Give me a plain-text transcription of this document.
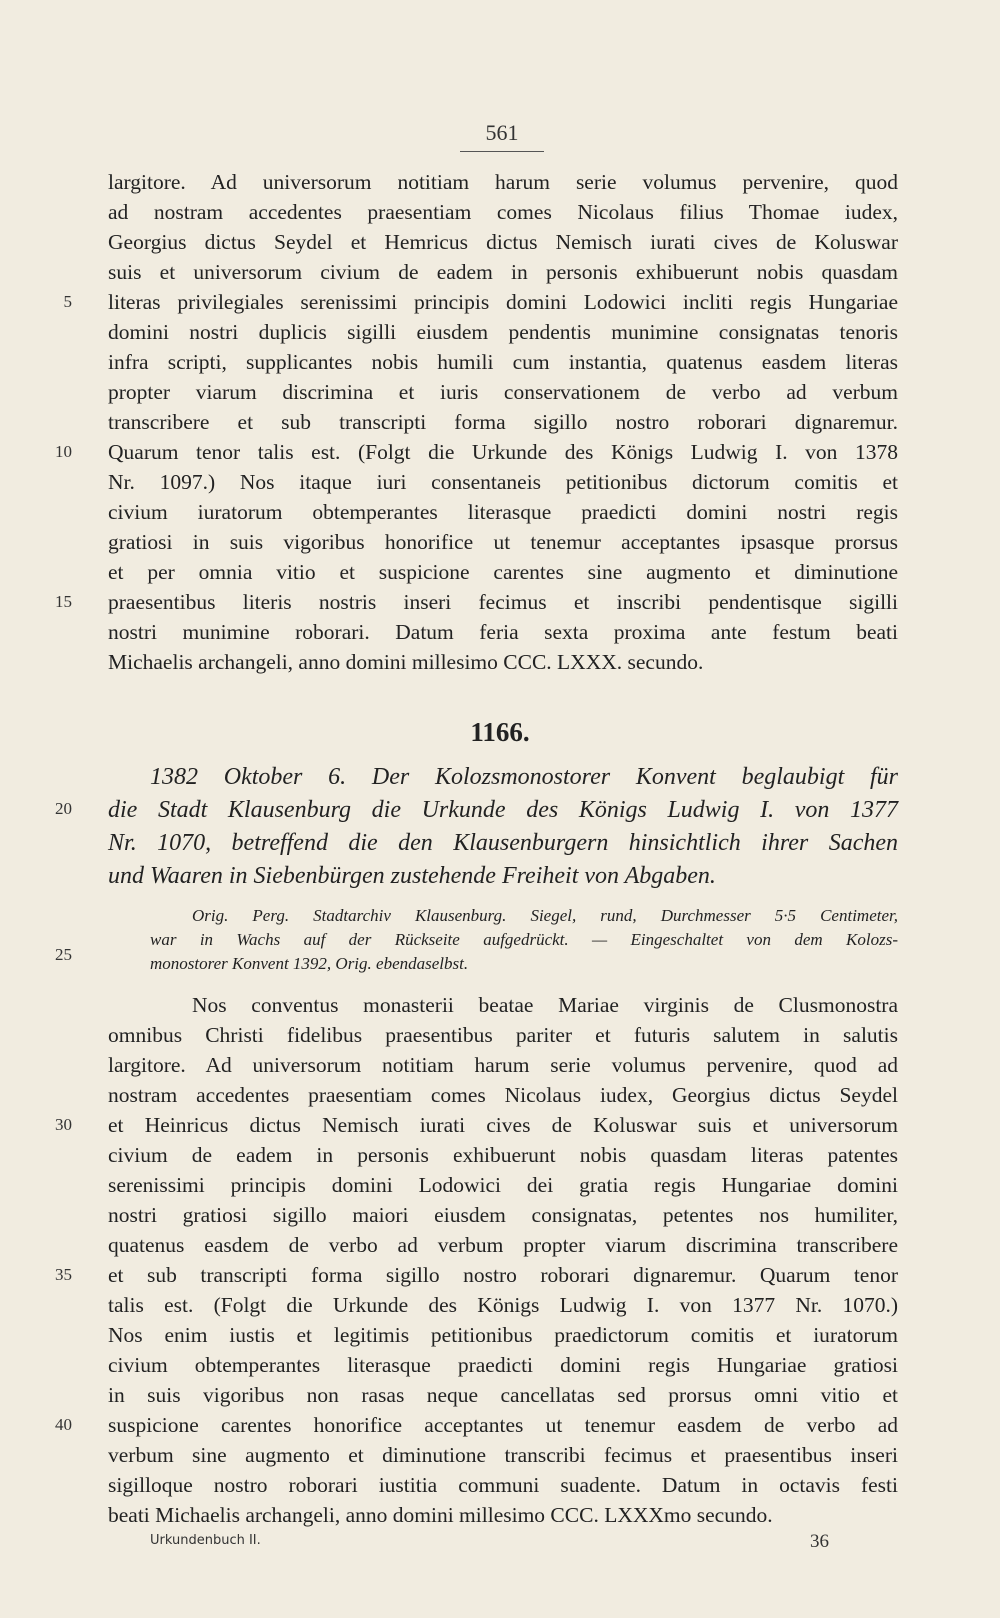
561
largitore. Ad universorum notitiam harum serie volumus pervenire, quod
ad nostram accedentes praesentiam comes Nicolaus filius Thomae iudex,
Georgius dictus Seydel et Hemricus dictus Nemisch iurati cives de Koluswar
suis et universorum civium de eadem in personis exhibuerunt nobis quasdam
literas privilegiales serenissimi principis domini Lodowici incliti regis Hungariae
domini nostri duplicis sigilli eiusdem pendentis munimine consignatas tenoris
infra scripti, supplicantes nobis humili cum instantia, quatenus easdem literas
propter viarum discrimina et iuris conservationem de verbo ad verbum
transcribere et sub transcripti forma sigillo nostro roborari dignaremur.
Quarum tenor talis est. (Folgt die Urkunde des Königs Ludwig I. von 1378
Nr. 1097.) Nos itaque iuri consentaneis petitionibus dictorum comitis et
civium iuratorum obtemperantes literasque praedicti domini nostri regis
gratiosi in suis vigoribus honorifice ut tenemur acceptantes ipsasque prorsus
et per omnia vitio et suspicione carentes sine augmento et diminutione
praesentibus literis nostris inseri fecimus et inscribi pendentisque sigilli
nostri munimine roborari. Datum feria sexta proxima ante festum beati
Michaelis archangeli, anno domini millesimo CCC. LXXX. secundo.
1166.
1382 Oktober 6. Der Kolozsmonostorer Konvent beglaubigt für
die Stadt Klausenburg die Urkunde des Königs Ludwig I. von 1377
Nr. 1070, betreffend die den Klausenburgern hinsichtlich ihrer Sachen
und Waaren in Siebenbürgen zustehende Freiheit von Abgaben.
Orig. Perg. Stadtarchiv Klausenburg. Siegel, rund, Durchmesser 5·5 Centimeter,
war in Wachs auf der Rückseite aufgedrückt. — Eingeschaltet von dem Kolozs-
monostorer Konvent 1392, Orig. ebendaselbst.
Nos conventus monasterii beatae Mariae virginis de Clusmonostra
omnibus Christi fidelibus praesentibus pariter et futuris salutem in salutis
largitore. Ad universorum notitiam harum serie volumus pervenire, quod ad
nostram accedentes praesentiam comes Nicolaus iudex, Georgius dictus Seydel
et Heinricus dictus Nemisch iurati cives de Koluswar suis et universorum
civium de eadem in personis exhibuerunt nobis quasdam literas patentes
serenissimi principis domini Lodowici dei gratia regis Hungariae domini
nostri gratiosi sigillo maiori eiusdem consignatas, petentes nos humiliter,
quatenus easdem de verbo ad verbum propter viarum discrimina transcribere
et sub transcripti forma sigillo nostro roborari dignaremur. Quarum tenor
talis est. (Folgt die Urkunde des Königs Ludwig I. von 1377 Nr. 1070.)
Nos enim iustis et legitimis petitionibus praedictorum comitis et iuratorum
civium obtemperantes literasque praedicti domini regis Hungariae gratiosi
in suis vigoribus non rasas neque cancellatas sed prorsus omni vitio et
suspicione carentes honorifice acceptantes ut tenemur easdem de verbo ad
verbum sine augmento et diminutione transcribi fecimus et praesentibus inseri
sigilloque nostro roborari iustitia communi suadente. Datum in octavis festi
beati Michaelis archangeli, anno domini millesimo CCC. LXXXmo secundo.
5
10
15
20
25
30
35
40
Urkundenbuch II.	36
